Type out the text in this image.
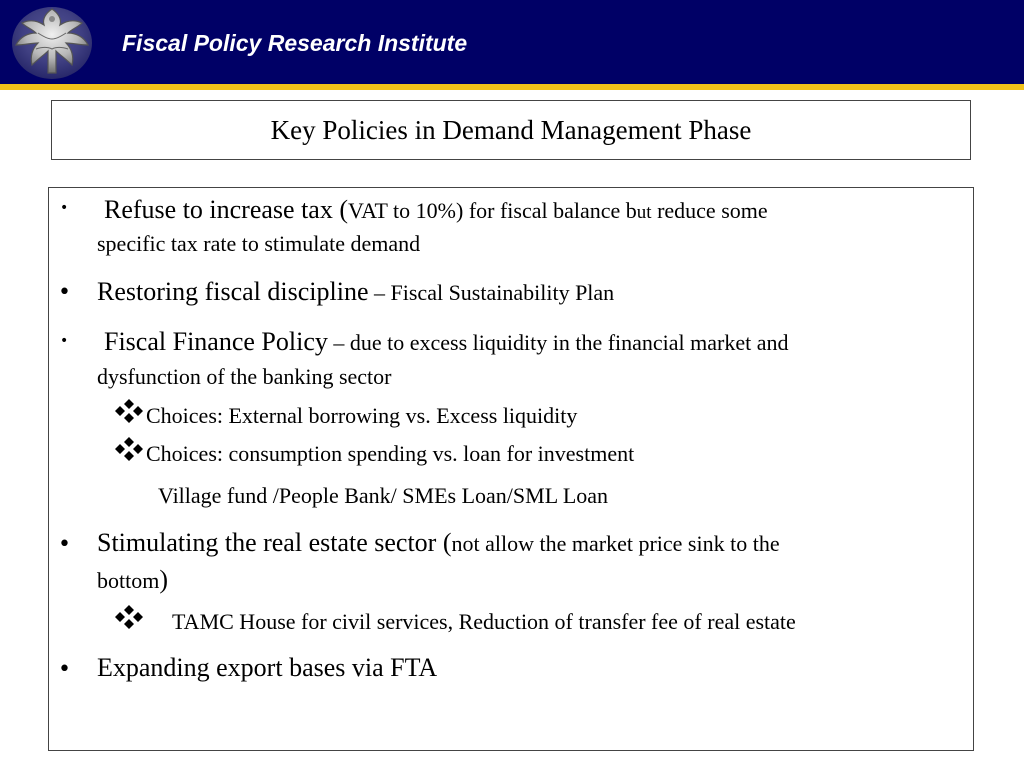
Fiscal Policy Research Institute
Key Policies in Demand Management Phase
•	Refuse to increase tax (VAT to 10%) for fiscal balance but reduce some
specific tax rate to stimulate demand
• Restoring fiscal discipline – Fiscal Sustainability Plan
•	Fiscal Finance Policy – due to excess liquidity in the financial market and
dysfunction of the banking sector
Choices: External borrowing vs. Excess liquidity
Choices: consumption spending vs. loan for investment
Village fund /People Bank/ SMEs Loan/SML Loan
• Stimulating the real estate sector (not allow the market price sink to the
bottom)
TAMC House for civil services, Reduction of transfer fee of real estate
• Expanding export bases via FTA
